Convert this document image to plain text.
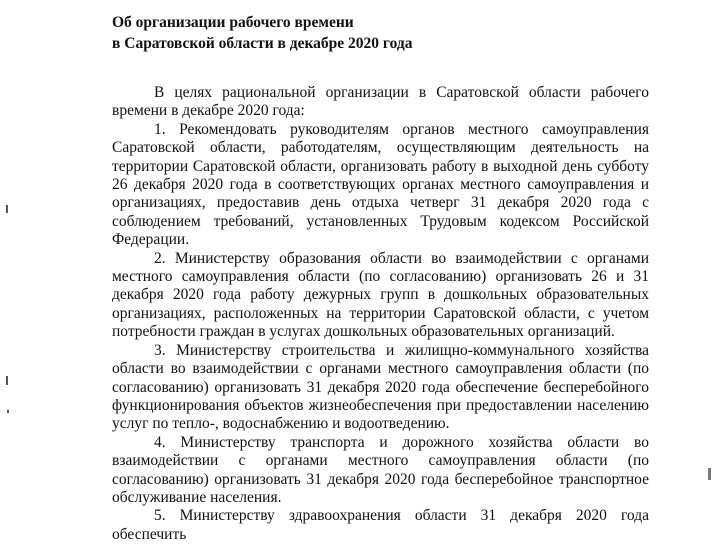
Об организации рабочего времени
в Саратовской области в декабре 2020 года

В целях рациональной организации в Саратовской области рабочего времени в декабре 2020 года:

1. Рекомендовать руководителям органов местного самоуправления Саратовской области, работодателям, осуществляющим деятельность на территории Саратовской области, организовать работу в выходной день субботу 26 декабря 2020 года в соответствующих органах местного самоуправления и организациях, предоставив день отдыха четверг 31 декабря 2020 года с соблюдением требований, установленных Трудовым кодексом Российской Федерации.

2. Министерству образования области во взаимодействии с органами местного самоуправления области (по согласованию) организовать 26 и 31 декабря 2020 года работу дежурных групп в дошкольных образовательных организациях, расположенных на территории Саратовской области, с учетом потребности граждан в услугах дошкольных образовательных организаций.

3. Министерству строительства и жилищно-коммунального хозяйства области во взаимодействии с органами местного самоуправления области (по согласованию) организовать 31 декабря 2020 года обеспечение бесперебойного функционирования объектов жизнеобеспечения при предоставлении населению услуг по тепло-, водоснабжению и водоотведению.

4. Министерству транспорта и дорожного хозяйства области во взаимодействии с органами местного самоуправления области (по согласованию) организовать 31 декабря 2020 года бесперебойное транспортное обслуживание населения.

5. Министерству здравоохранения области 31 декабря 2020 года обеспечить
